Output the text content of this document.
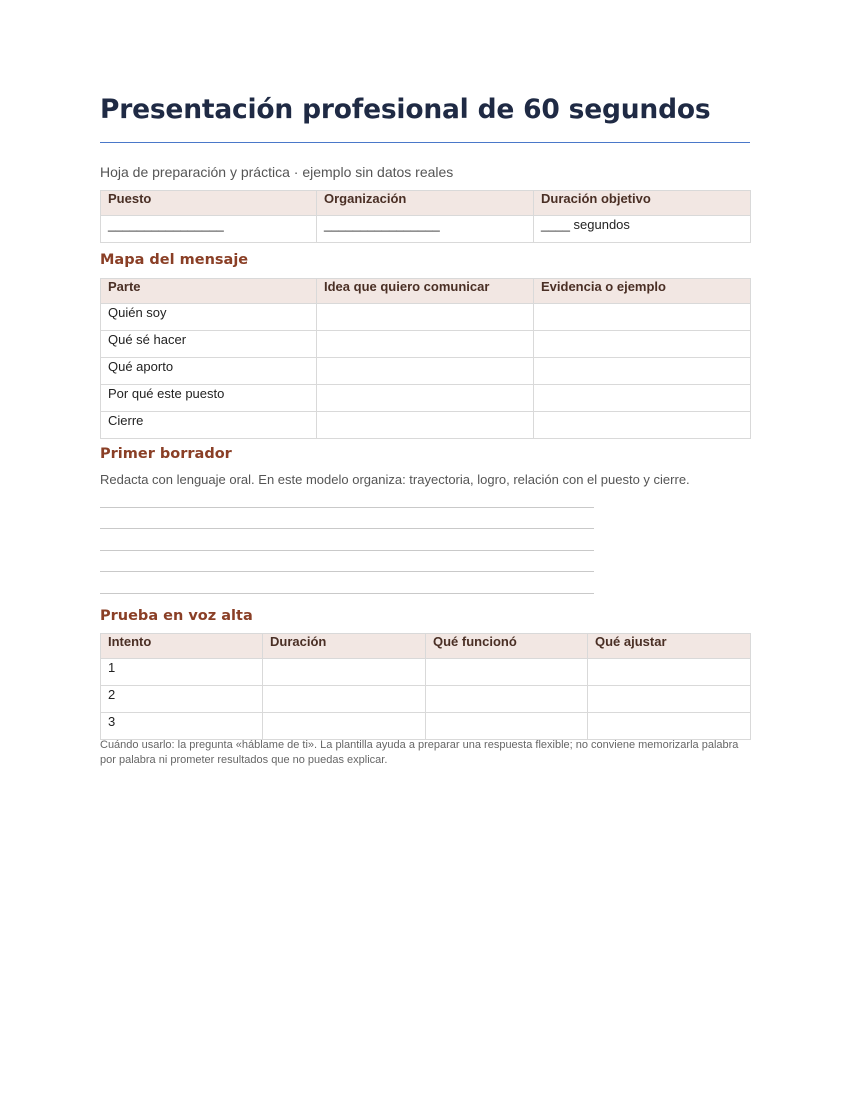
Presentación profesional de 60 segundos
Hoja de preparación y práctica · ejemplo sin datos reales
Puesto	Organización	Duración objetivo
________________	________________	____ segundos
Mapa del mensaje
Parte	Idea que quiero comunicar	Evidencia o ejemplo
Quién soy		
Qué sé hacer		
Qué aporto		
Por qué este puesto		
Cierre		
Primer borrador
Redacta con lenguaje oral. En este modelo organiza: trayectoria, logro, relación con el puesto y cierre.
Prueba en voz alta
Intento	Duración	Qué funcionó	Qué ajustar
1			
2			
3			
Cuándo usarlo: la pregunta «háblame de ti». La plantilla ayuda a preparar una respuesta flexible; no conviene memorizarla palabra por palabra ni prometer resultados que no puedas explicar.
